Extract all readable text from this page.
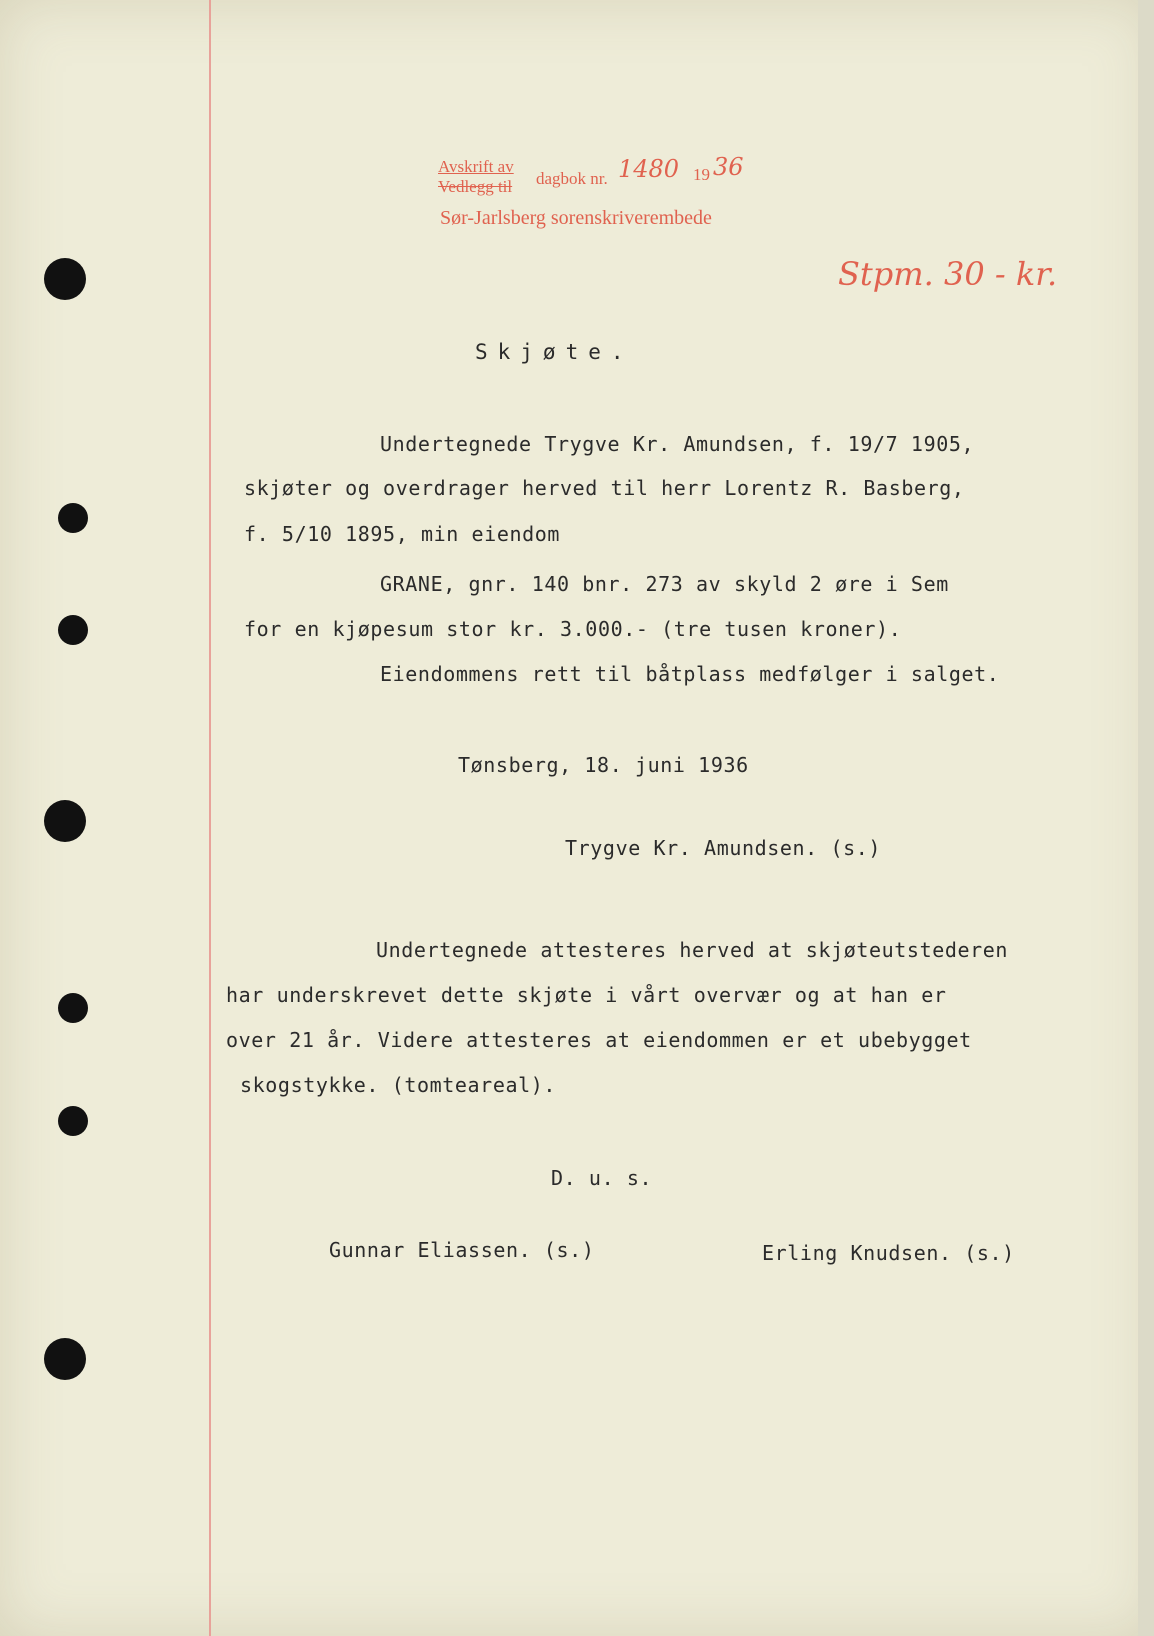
Avskrift av
Vedlegg til dagbok nr. 1480 19 36
Sør-Jarlsberg sorenskriverembede
Stpm. 30 - kr.
Skjøte.
Undertegnede Trygve Kr. Amundsen, f. 19/7 1905,
skjøter og overdrager herved til herr Lorentz R. Basberg,
f. 5/10 1895, min eiendom
GRANE, gnr. 140 bnr. 273 av skyld 2 øre i Sem
for en kjøpesum stor kr. 3.000.- (tre tusen kroner).
Eiendommens rett til båtplass medfølger i salget.
Tønsberg, 18. juni 1936
Trygve Kr. Amundsen. (s.)
Undertegnede attesteres herved at skjøteutstederen
har underskrevet dette skjøte i vårt overvær og at han er
over 21 år. Videre attesteres at eiendommen er et ubebygget
skogstykke. (tomteareal).
D. u. s.
Gunnar Eliassen. (s.)	Erling Knudsen. (s.)
